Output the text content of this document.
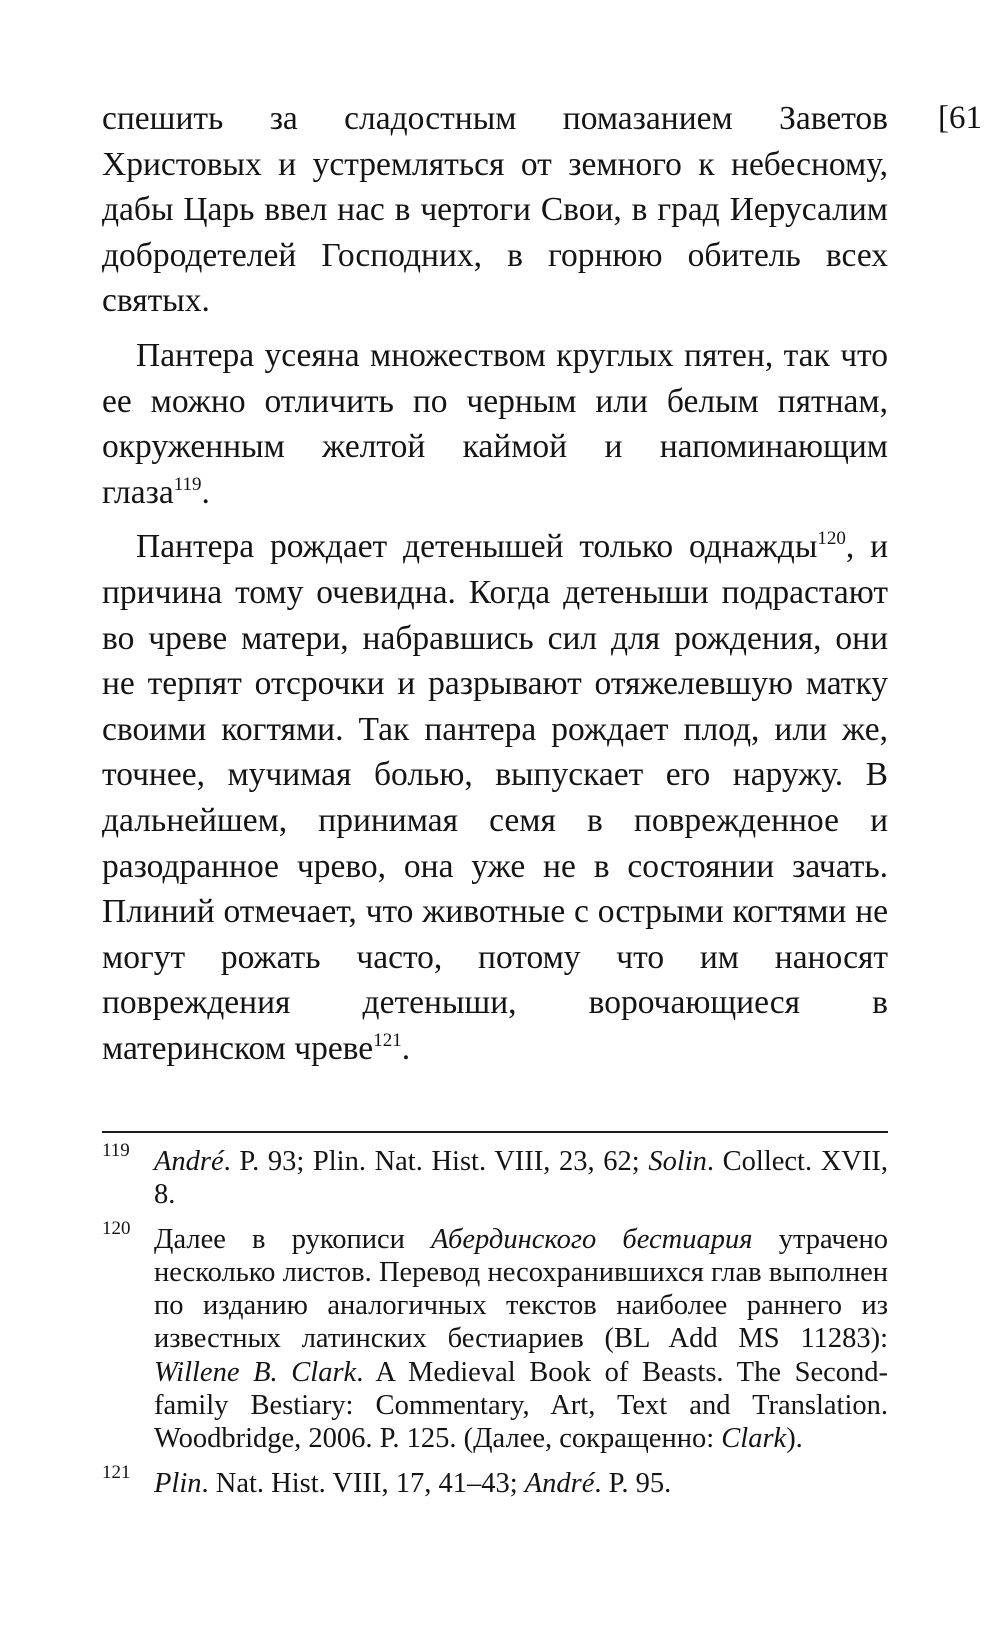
[61

спешить за сладостным помазанием Заветов Христовых и устремляться от земного к небесному, дабы Царь ввел нас в чертоги Свои, в град Иерусалим добродетелей Господних, в горнюю обитель всех святых.

Пантера усеяна множеством круглых пятен, так что ее можно отличить по черным или белым пятнам, окруженным желтой каймой и напоминающим глаза$^{119}$.

Пантера рождает детенышей только однажды$^{120}$, и причина тому очевидна. Когда детеныши подрастают во чреве матери, набравшись сил для рождения, они не терпят отсрочки и разрывают отяжелевшую матку своими когтями. Так пантера рождает плод, или же, точнее, мучимая болью, выпускает его наружу. В дальнейшем, принимая семя в поврежденное и разодранное чрево, она уже не в состоянии зачать. Плиний отмечает, что животные с острыми когтями не могут рожать часто, потому что им наносят повреждения детеныши, ворочающиеся в материнском чреве$^{121}$.

119 André. P. 93; Plin. Nat. Hist. VIII, 23, 62; Solin. Collect. XVII, 8.
120 Далее в рукописи Абердинского бестиария утрачено несколько листов. Перевод несохранившихся глав выполнен по изданию аналогичных текстов наиболее раннего из известных латинских бестиариев (BL Add MS 11283): Willene B. Clark. A Medieval Book of Beasts. The Second-family Bestiary: Commentary, Art, Text and Translation. Woodbridge, 2006. P. 125. (Далее, сокращенно: Clark).
121 Plin. Nat. Hist. VIII, 17, 41–43; André. P. 95.
